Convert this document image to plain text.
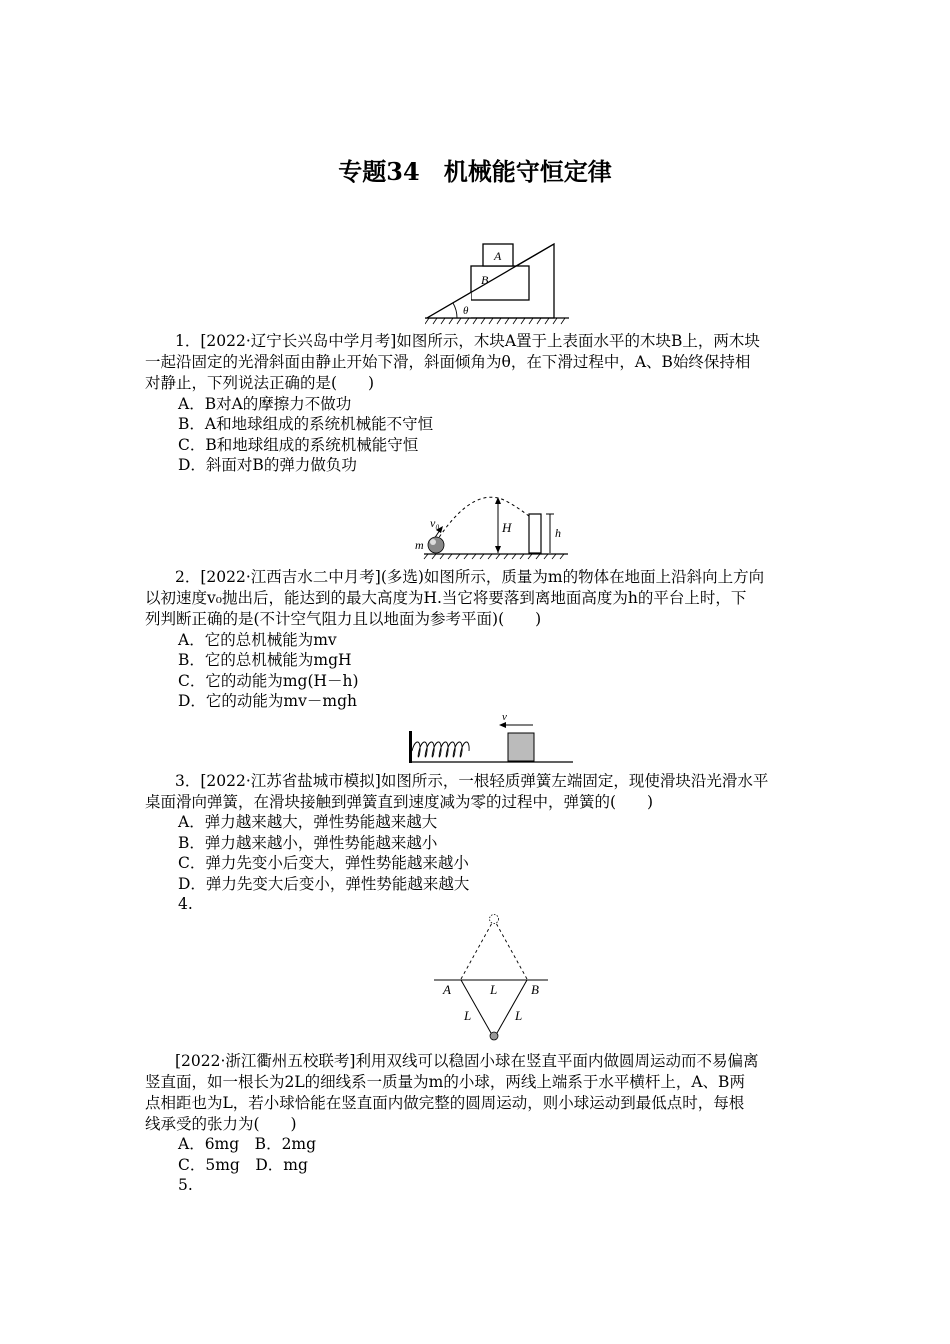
专题34　机械能守恒定律
A
B
θ
1．[2022·辽宁长兴岛中学月考]如图所示，木块A置于上表面水平的木块B上，两木块
一起沿固定的光滑斜面由静止开始下滑，斜面倾角为θ，在下滑过程中，A、B始终保持相
对静止，下列说法正确的是(　　)
A．B对A的摩擦力不做功
B．A和地球组成的系统机械能不守恒
C．B和地球组成的系统机械能守恒
D．斜面对B的弹力做负功
v₀
m
H	h
2．[2022·江西吉水二中月考](多选)如图所示，质量为m的物体在地面上沿斜向上方向
以初速度v₀抛出后，能达到的最大高度为H.当它将要落到离地面高度为h的平台上时，下
列判断正确的是(不计空气阻力且以地面为参考平面)(　　)
A．它的总机械能为mv
B．它的总机械能为mgH
C．它的动能为mg(H－h)
D．它的动能为mv－mgh
v
3．[2022·江苏省盐城市模拟]如图所示，一根轻质弹簧左端固定，现使滑块沿光滑水平
桌面滑向弹簧，在滑块接触到弹簧直到速度减为零的过程中，弹簧的(　　)
A．弹力越来越大，弹性势能越来越大
B．弹力越来越小，弹性势能越来越小
C．弹力先变小后变大，弹性势能越来越小
D．弹力先变大后变小，弹性势能越来越大
4.
A	L	B
L	L
[2022·浙江衢州五校联考]利用双线可以稳固小球在竖直平面内做圆周运动而不易偏离
竖直面，如一根长为2L的细线系一质量为m的小球，两线上端系于水平横杆上，A、B两
点相距也为L，若小球恰能在竖直面内做完整的圆周运动，则小球运动到最低点时，每根
线承受的张力为(　　)
A．6mg　B．2mg
C．5mg　D．mg
5.
